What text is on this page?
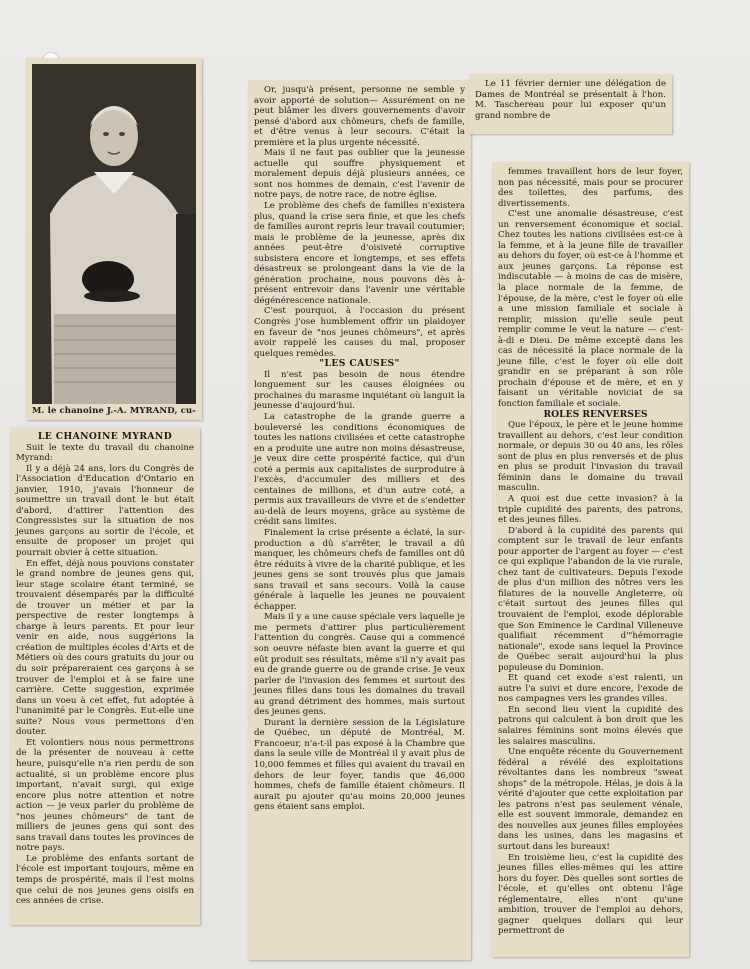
M. le chanoine J.-A. MYRAND, cu-

LE CHANOINE MYRAND

Suit le texte du travail du chanoine Myrand:

Il y a déjà 24 ans, lors du Congrès de l'Association d'Education d'Ontario en janvier, 1910, j'avais l'honneur de soumettre un travail dont le but était d'abord, d'attirer l'attention des Congressistes sur la situation de nos jeunes garçons au sortir de l'école, et ensuite de proposer un projet qui pourrait obvier à cette situation.

En effet, déjà nous pouvions constater le grand nombre de jeunes gens qui, leur stage scolaire étant terminé, se trouvaient désemparés par la difficulté de trouver un métier et par la perspective de rester longtemps à charge à leurs parents. Et pour leur venir en aide, nous suggérions la création de multiples écoles d'Arts et de Métiers où des cours gratuits du jour ou du soir prépareraient ces garçons à se trouver de l'emploi et à se faire une carrière. Cette suggestion, exprimée dans un voeu à cet effet, fut adoptée à l'unanimité par le Congrès. Eut-elle une suite? Nous vous permettons d'en douter.

Et volontiers nous nous permettrons de la présenter de nouveau à cette heure, puisqu'elle n'a rien perdu de son actualité, si un problème encore plus important, n'avait surgi, qui exige encore plus notre attention et notre action — je veux parler du problème de "nos jeunes chômeurs" de tant de milliers de jeunes gens qui sont des sans travail dans toutes les provinces de notre pays.

Le problème des enfants sortant de l'école est important toujours, même en temps de prospérité, mais il l'est moins que celui de nos jeunes gens oisifs en ces années de crise.

Or, jusqu'à présent, personne ne semble y avoir apporté de solution— Assurément on ne peut blâmer les divers gouvernements d'avoir pensé d'abord aux chômeurs, chefs de famille, et d'être venus à leur secours. C'était la première et la plus urgente nécessité.

Mais il ne faut pas oublier que la jeunesse actuelle qui souffre physiquement et moralement depuis déjà plusieurs années, ce sont nos hommes de demain, c'est l'avenir de notre pays, de notre race, de notre église.

Le problème des chefs de familles n'existera plus, quand la crise sera finie, et que les chefs de familles auront repris leur travail coutumier; mais le problème de la jeunesse, après dix années peut-être d'oisiveté corruptive subsistera encore et longtemps, et ses effets désastreux se prolongeant dans la vie de la génération prochaine, nous pouvons dès à-présent entrevoir dans l'avenir une véritable dégénérescence nationale.

C'est pourquoi, à l'occasion du présent Congrès j'ose humblement offrir un plaidoyer en faveur de "nos jeunes chômeurs", et après avoir rappelé les causes du mal, proposer quelques remèdes.

"LES CAUSES"

Il n'est pas besoin de nous étendre longuement sur les causes éloignées ou prochaines du marasme inquiétant où languit la jeunesse d'aujourd'hui.

La catastrophe de la grande guerre a bouleversé les conditions économiques de toutes les nations civilisées et cette catastrophe en a produite une autre non moins désastreuse, je veux dire cette prospérité factice, qui d'un coté a permis aux capitalistes de surproduire à l'excès, d'accumuler des milliers et des centaines de millions, et d'un autre coté, a permis aux travailleurs de vivre et de s'endetter au-delà de leurs moyens, grâce au système de crédit sans limites.

Finalement la crise présente a éclaté, la sur-production a dû s'arrêter, le travail a dû manquer, les chômeurs chefs de familles ont dû être réduits à vivre de la charité publique, et les jeunes gens se sont trouvés plus que jamais sans travail et sans secours. Voilà la cause générale à laquelle les jeunes ne pouvaient échapper.

Mais il y a une cause spéciale vers laquelle je me permets d'attirer plus particulièrement l'attention du congrès. Cause qui a commencé son oeuvre néfaste bien avant la guerre et qui eût produit ses résultats, même s'il n'y avait pas eu de grande guerre ou de grande crise. Je veux parler de l'invasion des femmes et surtout des jeunes filles dans tous les domaines du travail au grand détriment des hommes, mais surtout des jeunes gens.

Durant la dernière session de la Législature de Québec, un député de Montréal, M. Francoeur, n'a-t-il pas exposé à la Chambre que dans la seule ville de Montréal il y avait plus de 10,000 femmes et filles qui avaient du travail en dehors de leur foyer, tandis que 46,000 hommes, chefs de famille étaient chômeurs. Il aurait pu ajouter qu'au moins 20,000 jeunes gens étaient sans emploi.

Le 11 février dernier une délégation de Dames de Montréal se présentait à l'hon. M. Taschereau pour lui exposer qu'un grand nombre de

femmes travaillent hors de leur foyer, non pas nécessité, mais pour se procurer des toilettes, des parfums, des divertissements.

C'est une anomalie désastreuse, c'est un renversement économique et social. Chez toutes les nations civilisées est-ce à la femme, et à la jeune fille de travailler au dehors du foyer, où est-ce à l'homme et aux jeunes garçons. La réponse est indiscutable — à moins de cas de misère, la place normale de la femme, de l'épouse, de la mère, c'est le foyer où elle a une mission familiale et sociale à remplir, mission qu'elle seule peut remplir comme le veut la nature — c'est-à-di e Dieu. De même excepté dans les cas de nécessité la place normale de la jeune fille, c'est le foyer où elle doit grandir en se préparant à son rôle prochain d'épouse et de mère, et en y faisant un véritable noviciat de sa fonction familiale et sociale.

ROLES RENVERSES

Que l'époux, le père et le jeune homme travaillent au dehors, c'est leur condition normale, or depuis 30 ou 40 ans, les rôles sont de plus en plus renversés et de plus en plus se produit l'invasion du travail féminin dans le domaine du travail masculin.

A quoi est due cette invasion? à la triple cupidité des parents, des patrons, et des jeunes filles.

D'abord à la cupidité des parents qui comptent sur le travail de leur enfants pour apporter de l'argent au foyer — c'est ce qui explique l'abandon de la vie rurale, chez tant de cultivateurs. Depuis l'exode de plus d'un million des nôtres vers les filatures de la nouvelle Angleterre, où c'était surtout des jeunes filles qui trouvaient de l'emploi, exode déplorable que Son Eminence le Cardinal Villeneuve qualifiait récemment d'"hémorragie nationale", exode sans lequel la Province de Québec serait aujourd'hui la plus populeuse du Dominion.

Et quand cet exode s'est ralenti, un autre l'a suivi et dure encore, l'exode de nos campagnes vers les grandes villes.

En second lieu vient la cupidité des patrons qui calculent à bon droit que les salaires féminins sont moins élevés que les salaires masculins.

Une enquête récente du Gouvernement fédéral a révélé des exploitations révoltantes dans les nombreux "sweat shops" de la métropole. Hélas, je dois à la vérité d'ajouter que cette exploitation par les patrons n'est pas seulement vénale, elle est souvent immorale, demandez en des nouvelles aux jeunes filles employées dans les usines, dans les magasins et surtout dans les bureaux!

En troisième lieu, c'est la cupidité des jeunes filles elles-mêmes qui les attire hors du foyer. Dès quelles sont sorties de l'école, et qu'elles ont obtenu l'âge réglementaire, elles n'ont qu'une ambition, trouver de l'emploi au dehors, gagner quelques dollars qui leur permettront de
